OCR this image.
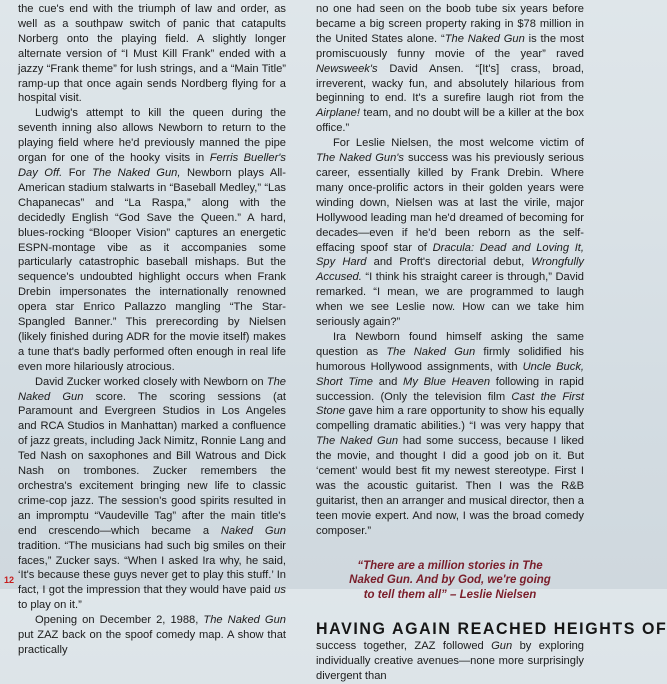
the cue's end with the triumph of law and order, as well as a southpaw switch of panic that catapults Norberg onto the playing field. A slightly longer alternate version of “I Must Kill Frank” ended with a jazzy “Frank theme” for lush strings, and a “Main Title” ramp-up that once again sends Nordberg flying for a hospital visit.

Ludwig's attempt to kill the queen during the seventh inning also allows Newborn to return to the playing field where he'd previously manned the pipe organ for one of the hooky visits in Ferris Bueller's Day Off. For The Naked Gun, Newborn plays All-American stadium stalwarts in “Baseball Medley,” “Las Chapanecas” and “La Raspa,” along with the decidedly English “God Save the Queen.” A hard, blues-rocking “Blooper Vision” captures an energetic ESPN-montage vibe as it accompanies some particularly catastrophic baseball mishaps. But the sequence's undoubted highlight occurs when Frank Drebin impersonates the internationally renowned opera star Enrico Pallazzo mangling “The Star-Spangled Banner.” This prerecording by Nielsen (likely finished during ADR for the movie itself) makes a tune that's badly performed often enough in real life even more hilariously atrocious.

David Zucker worked closely with Newborn on The Naked Gun score. The scoring sessions (at Paramount and Evergreen Studios in Los Angeles and RCA Studios in Manhattan) marked a confluence of jazz greats, including Jack Nimitz, Ronnie Lang and Ted Nash on saxophones and Bill Watrous and Dick Nash on trombones. Zucker remembers the orchestra's excitement bringing new life to classic crime-cop jazz. The session's good spirits resulted in an impromptu “Vaudeville Tag” after the main title's end crescendo—which became a Naked Gun tradition. “The musicians had such big smiles on their faces,” Zucker says. “When I asked Ira why, he said, ‘It's because these guys never get to play this stuff.’ In fact, I got the impression that they would have paid us to play on it.”

Opening on December 2, 1988, The Naked Gun put ZAZ back on the spoof comedy map. A show that practically

no one had seen on the boob tube six years before became a big screen property raking in $78 million in the United States alone. “The Naked Gun is the most promiscuously funny movie of the year” raved Newsweek's David Ansen. “[It's] crass, broad, irreverent, wacky fun, and absolutely hilarious from beginning to end. It's a surefire laugh riot from the Airplane! team, and no doubt will be a killer at the box office.”

For Leslie Nielsen, the most welcome victim of The Naked Gun's success was his previously serious career, essentially killed by Frank Drebin. Where many once-prolific actors in their golden years were winding down, Nielsen was at last the virile, major Hollywood leading man he'd dreamed of becoming for decades—even if he'd been reborn as the self-effacing spoof star of Dracula: Dead and Loving It, Spy Hard and Proft's directorial debut, Wrongfully Accused. “I think his straight career is through,” David remarked. “I mean, we are programmed to laugh when we see Leslie now. How can we take him seriously again?”

Ira Newborn found himself asking the same question as The Naked Gun firmly solidified his humorous Hollywood assignments, with Uncle Buck, Short Time and My Blue Heaven following in rapid succession. (Only the television film Cast the First Stone gave him a rare opportunity to show his equally compelling dramatic abilities.) “I was very happy that The Naked Gun had some success, because I liked the movie, and thought I did a good job on it. But ‘cement’ would best fit my newest stereotype. First I was the acoustic guitarist. Then I was the R&B guitarist, then an arranger and musical director, then a teen movie expert. And now, I was the broad comedy composer.”

“There are a million stories in The
Naked Gun. And by God, we're going
to tell them all” – Leslie Nielsen
HAVING AGAIN REACHED HEIGHTS OF

success together, ZAZ followed Gun by exploring individually creative avenues—none more surprisingly divergent than

12
